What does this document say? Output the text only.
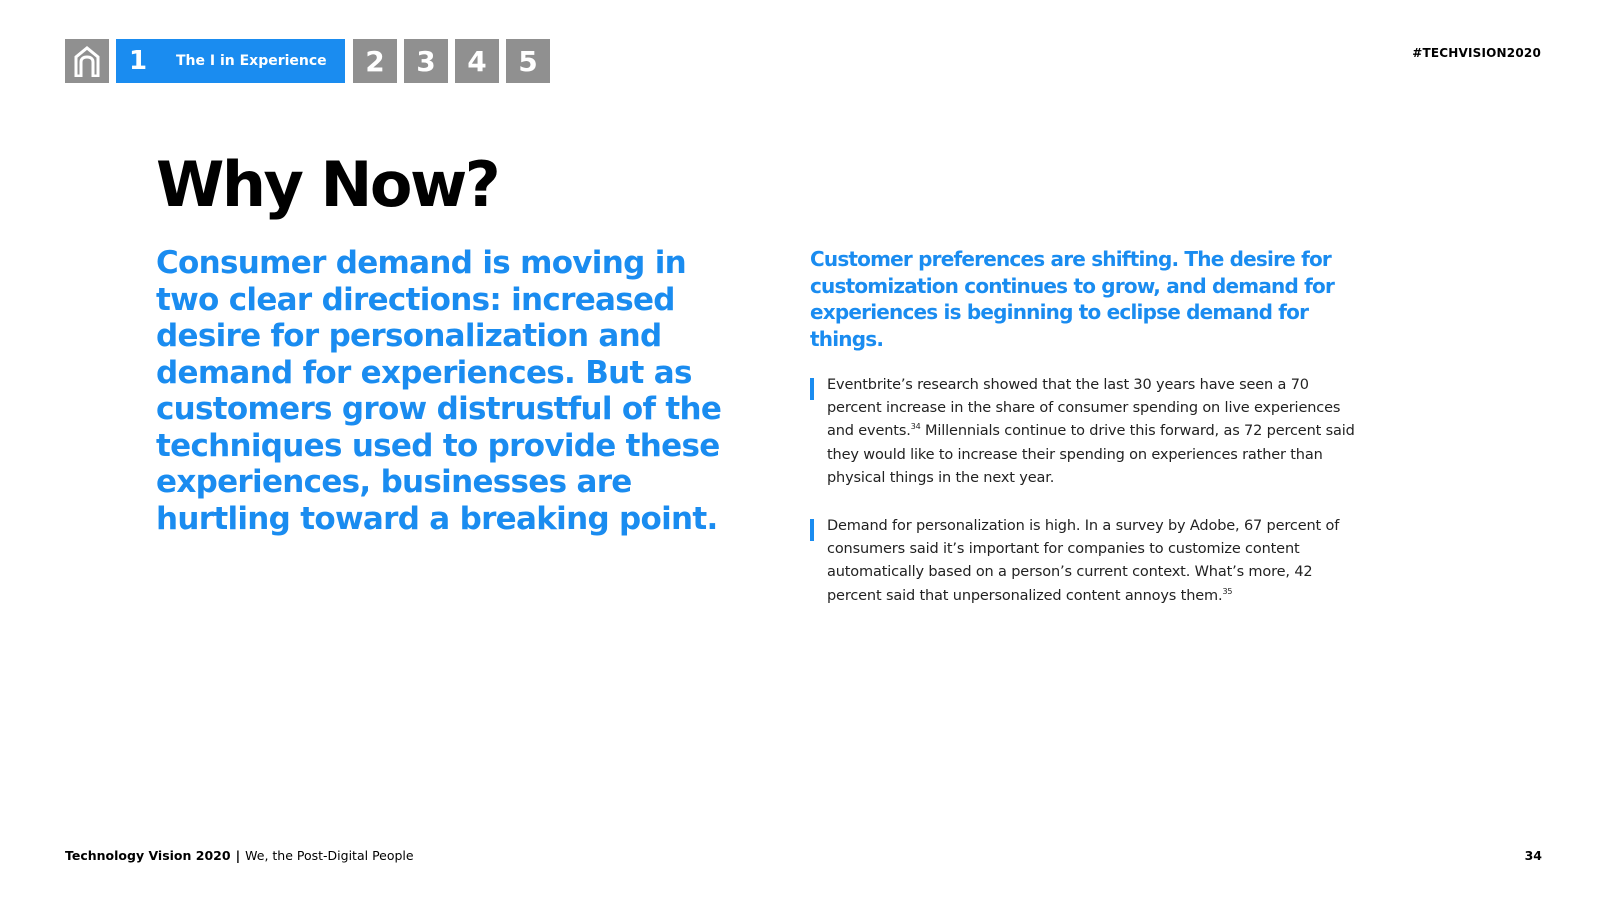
1	The I in Experience	2	3	4	5	#TECHVISION2020
Why Now?

Consumer demand is moving in two clear directions: increased desire for personalization and demand for experiences. But as customers grow distrustful of the techniques used to provide these experiences, businesses are hurtling toward a breaking point.

Customer preferences are shifting. The desire for customization continues to grow, and demand for experiences is beginning to eclipse demand for things.

Eventbrite’s research showed that the last 30 years have seen a 70 percent increase in the share of consumer spending on live experiences and events.$^{34}$ Millennials continue to drive this forward, as 72 percent said they would like to increase their spending on experiences rather than physical things in the next year.

Demand for personalization is high. In a survey by Adobe, 67 percent of consumers said it’s important for companies to customize content automatically based on a person’s current context. What’s more, 42 percent said that unpersonalized content annoys them.$^{35}$

Technology Vision 2020 | We, the Post-Digital People	34
